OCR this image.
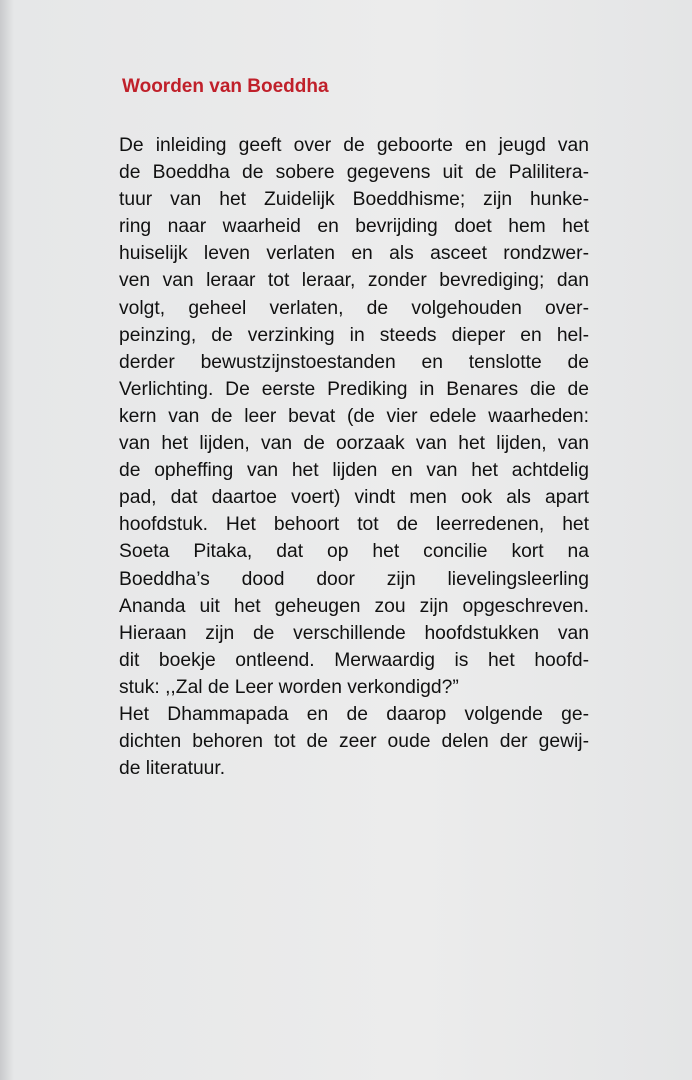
Woorden van Boeddha
De inleiding geeft over de geboorte en jeugd van
de Boeddha de sobere gegevens uit de Palilitera-
tuur van het Zuidelijk Boeddhisme; zijn hunke-
ring naar waarheid en bevrijding doet hem het
huiselijk leven verlaten en als asceet rondzwer-
ven van leraar tot leraar, zonder bevrediging; dan
volgt, geheel verlaten, de volgehouden over-
peinzing, de verzinking in steeds dieper en hel-
derder bewustzijnstoestanden en tenslotte de
Verlichting. De eerste Prediking in Benares die de
kern van de leer bevat (de vier edele waarheden:
van het lijden, van de oorzaak van het lijden, van
de opheffing van het lijden en van het achtdelig
pad, dat daartoe voert) vindt men ook als apart
hoofdstuk. Het behoort tot de leerredenen, het
Soeta Pitaka, dat op het concilie kort na
Boeddha’s dood door zijn lievelingsleerling
Ananda uit het geheugen zou zijn opgeschreven.
Hieraan zijn de verschillende hoofdstukken van
dit boekje ontleend. Merwaardig is het hoofd-
stuk: ,,Zal de Leer worden verkondigd?”
Het Dhammapada en de daarop volgende ge-
dichten behoren tot de zeer oude delen der gewij-
de literatuur.
